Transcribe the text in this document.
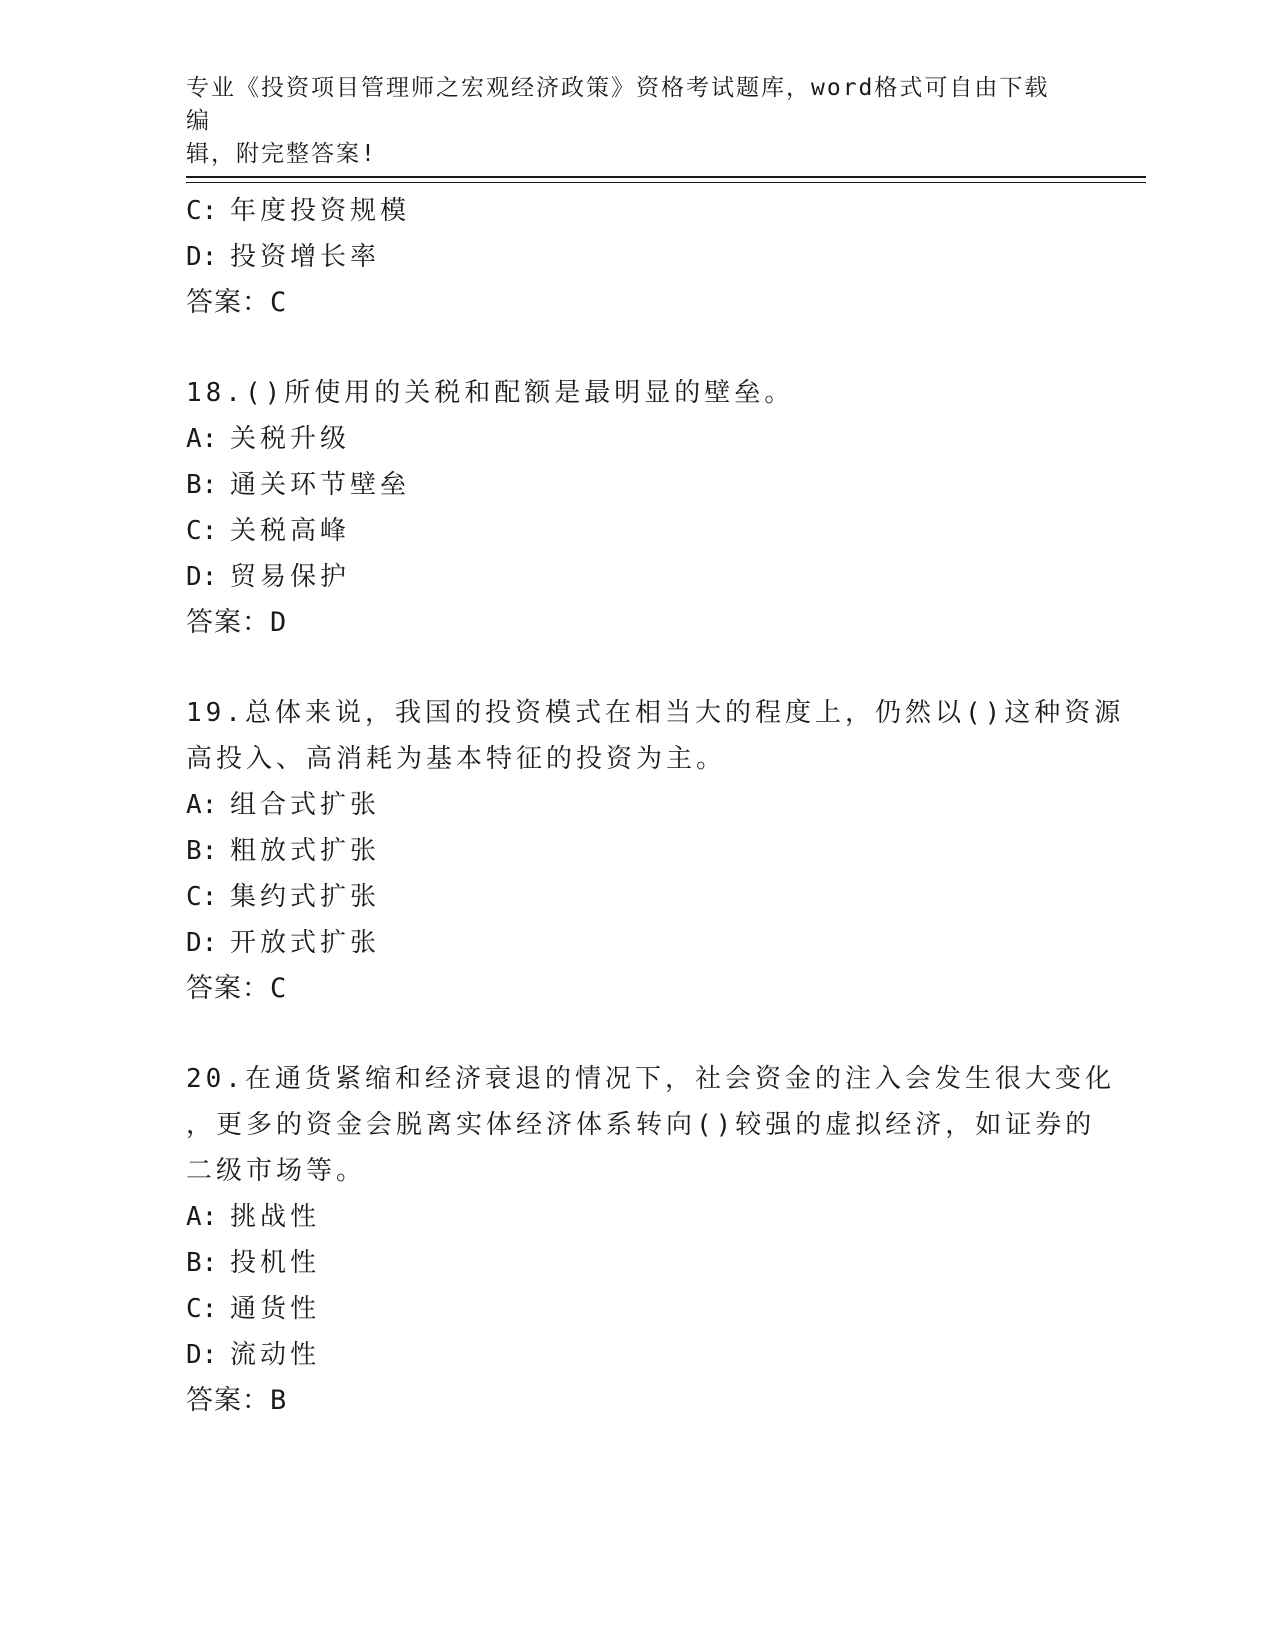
专业《投资项目管理师之宏观经济政策》资格考试题库，word格式可自由下载编
辑，附完整答案!
C: 年度投资规模
D: 投资增长率
答案：C
18.()所使用的关税和配额是最明显的壁垒。
A: 关税升级
B: 通关环节壁垒
C: 关税高峰
D: 贸易保护
答案：D
19.总体来说，我国的投资模式在相当大的程度上，仍然以()这种资源
高投入、高消耗为基本特征的投资为主。
A: 组合式扩张
B: 粗放式扩张
C: 集约式扩张
D: 开放式扩张
答案：C
20.在通货紧缩和经济衰退的情况下，社会资金的注入会发生很大变化
，更多的资金会脱离实体经济体系转向()较强的虚拟经济，如证券的
二级市场等。
A: 挑战性
B: 投机性
C: 通货性
D: 流动性
答案：B
